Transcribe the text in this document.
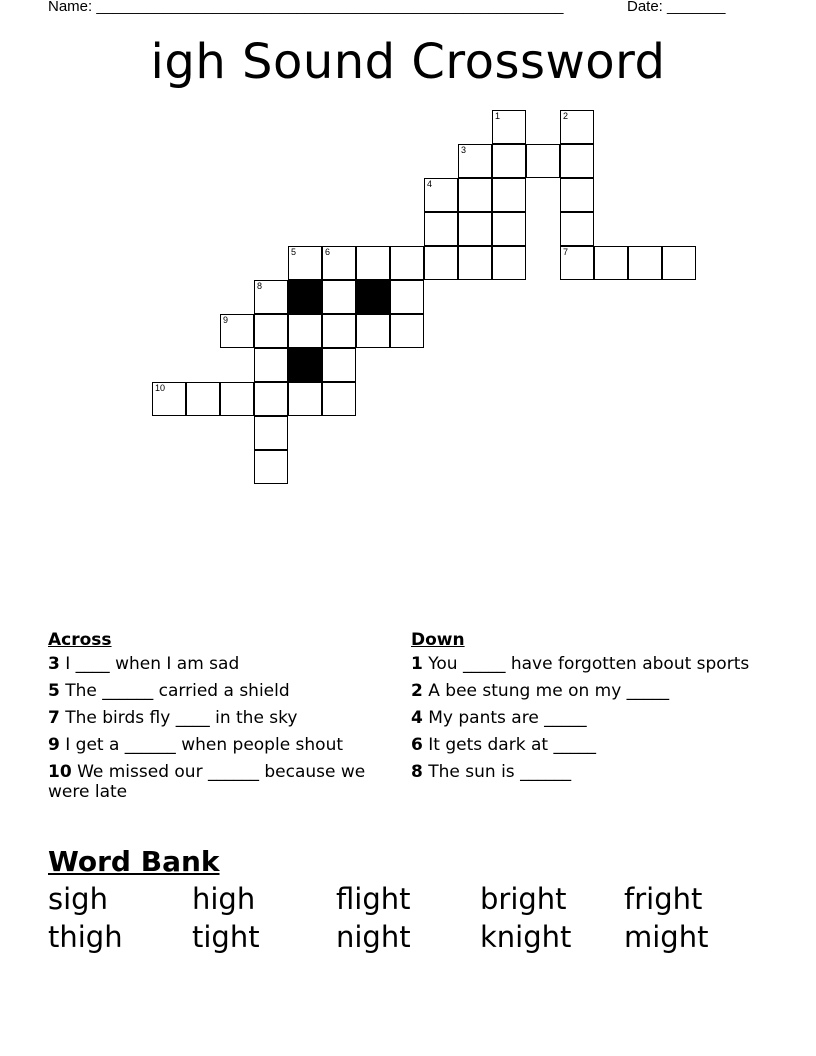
Name: ________________________________________________________	Date: _______
igh Sound Crossword
1	2
3
4
5	6	7
8
9
10
Across	Down
3 I ____ when I am sad
5 The ______ carried a shield
7 The birds fly ____ in the sky
9 I get a ______ when people shout
10 We missed our ______ because we were late
1 You _____ have forgotten about sports
2 A bee stung me on my _____
4 My pants are _____
6 It gets dark at _____
8 The sun is ______
Word Bank
sigh	high	flight bright fright
thigh tight	night knight might
